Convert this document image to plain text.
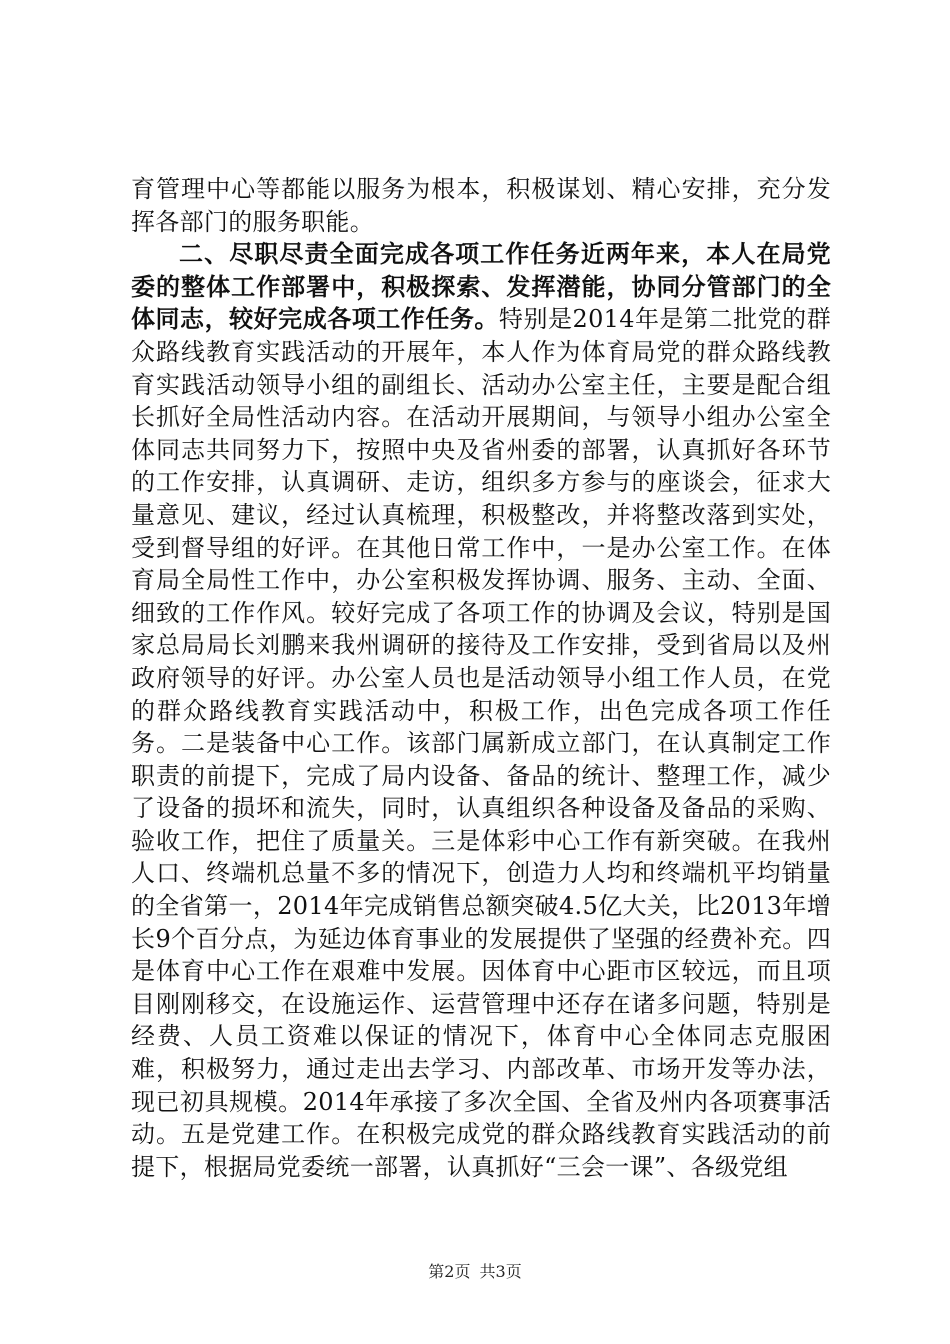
育管理中心等都能以服务为根本，积极谋划、精心安排，充分发挥各部门的服务职能。

二、尽职尽责全面完成各项工作任务近两年来，本人在局党委的整体工作部署中，积极探索、发挥潜能，协同分管部门的全体同志，较好完成各项工作任务。特别是2014年是第二批党的群众路线教育实践活动的开展年，本人作为体育局党的群众路线教育实践活动领导小组的副组长、活动办公室主任，主要是配合组长抓好全局性活动内容。在活动开展期间，与领导小组办公室全体同志共同努力下，按照中央及省州委的部署，认真抓好各环节的工作安排，认真调研、走访，组织多方参与的座谈会，征求大量意见、建议，经过认真梳理，积极整改，并将整改落到实处，受到督导组的好评。在其他日常工作中，一是办公室工作。在体育局全局性工作中，办公室积极发挥协调、服务、主动、全面、细致的工作作风。较好完成了各项工作的协调及会议，特别是国家总局局长刘鹏来我州调研的接待及工作安排，受到省局以及州政府领导的好评。办公室人员也是活动领导小组工作人员，在党的群众路线教育实践活动中，积极工作，出色完成各项工作任务。二是装备中心工作。该部门属新成立部门，在认真制定工作职责的前提下，完成了局内设备、备品的统计、整理工作，减少了设备的损坏和流失，同时，认真组织各种设备及备品的采购、验收工作，把住了质量关。三是体彩中心工作有新突破。在我州人口、终端机总量不多的情况下，创造力人均和终端机平均销量的全省第一，2014年完成销售总额突破4.5亿大关，比2013年增长9个百分点，为延边体育事业的发展提供了坚强的经费补充。四是体育中心工作在艰难中发展。因体育中心距市区较远，而且项目刚刚移交，在设施运作、运营管理中还存在诸多问题，特别是经费、人员工资难以保证的情况下，体育中心全体同志克服困难，积极努力，通过走出去学习、内部改革、市场开发等办法，现已初具规模。2014年承接了多次全国、全省及州内各项赛事活动。五是党建工作。在积极完成党的群众路线教育实践活动的前提下，根据局党委统一部署，认真抓好“三会一课”、各级党组

第2页 共3页
